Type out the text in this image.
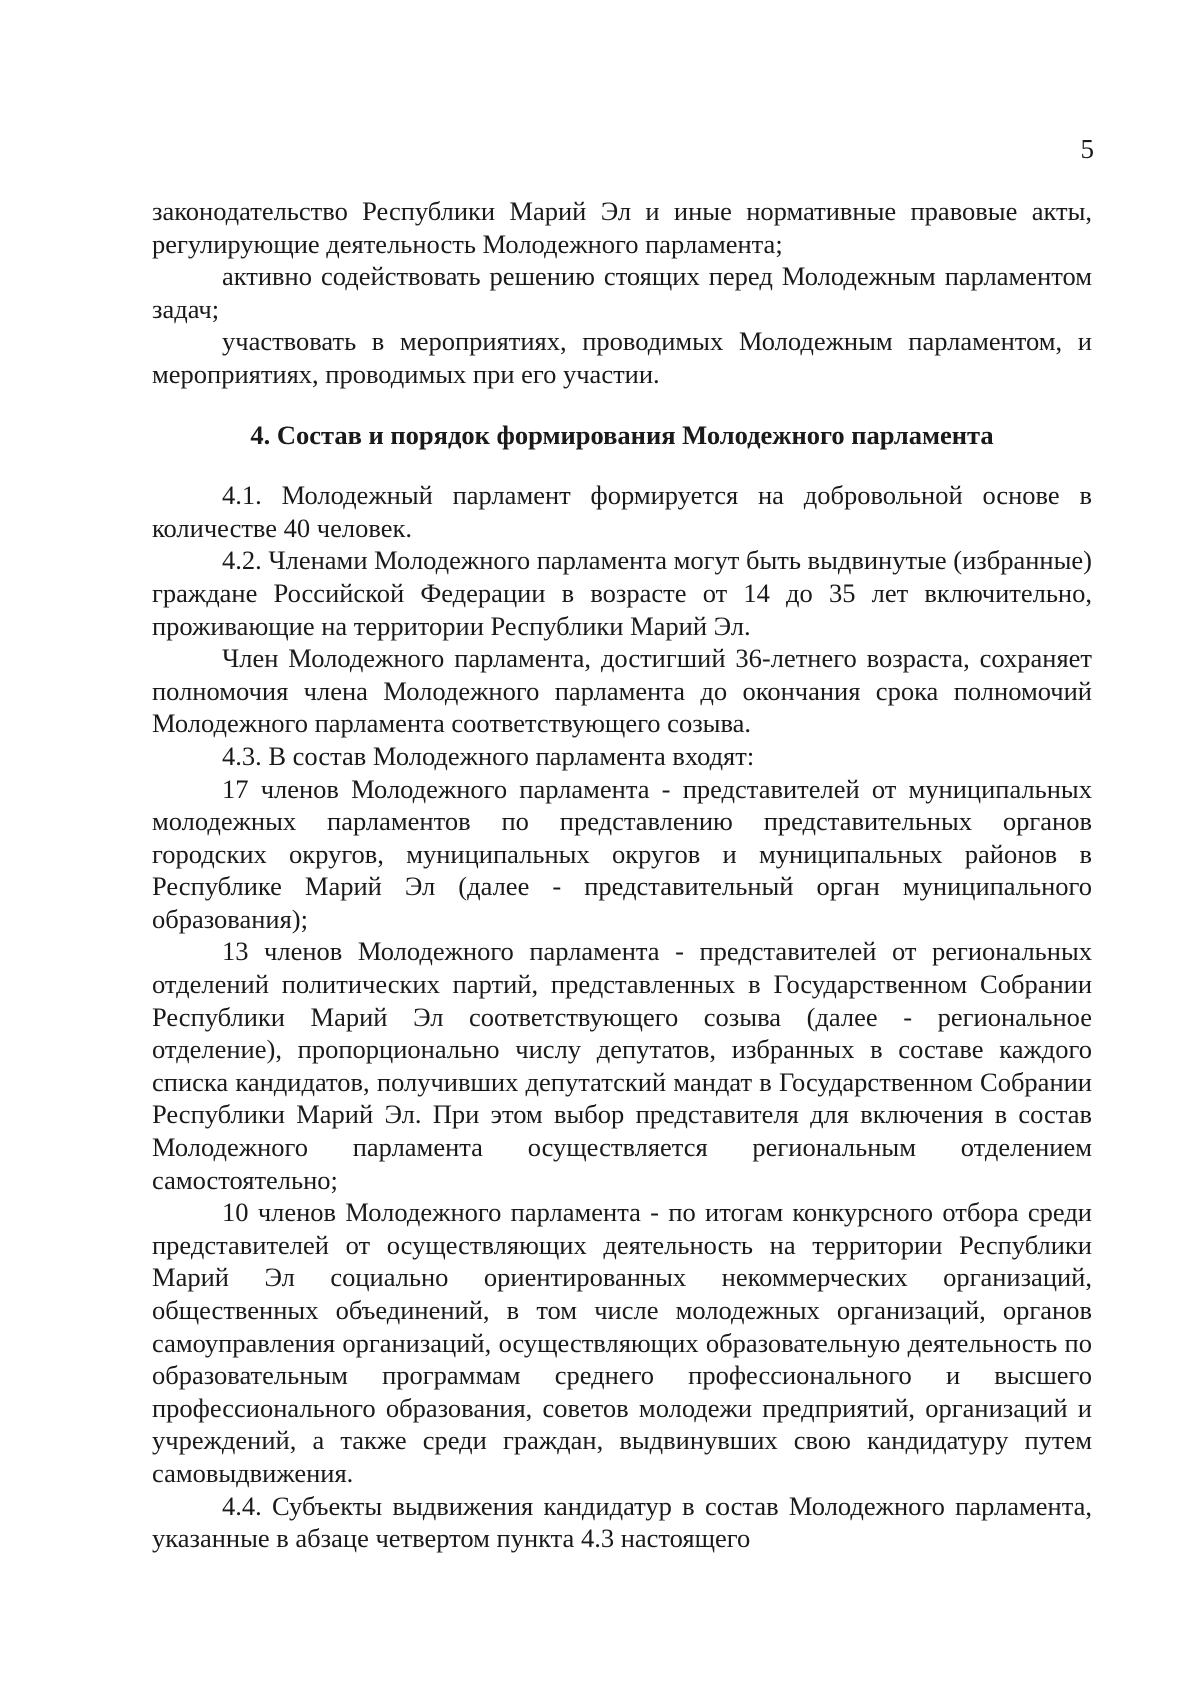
5

законодательство Республики Марий Эл и иные нормативные правовые акты, регулирующие деятельность Молодежного парламента;

активно содействовать решению стоящих перед Молодежным парламентом задач;

участвовать в мероприятиях, проводимых Молодежным парламентом, и мероприятиях, проводимых при его участии.

4. Состав и порядок формирования Молодежного парламента

4.1. Молодежный парламент формируется на добровольной основе в количестве 40 человек.

4.2. Членами Молодежного парламента могут быть выдвинутые (избранные) граждане Российской Федерации в возрасте от 14 до 35 лет включительно, проживающие на территории Республики Марий Эл.

Член Молодежного парламента, достигший 36-летнего возраста, сохраняет полномочия члена Молодежного парламента до окончания срока полномочий Молодежного парламента соответствующего созыва.

4.3. В состав Молодежного парламента входят:

17 членов Молодежного парламента - представителей от муниципальных молодежных парламентов по представлению представительных органов городских округов, муниципальных округов и муниципальных районов в Республике Марий Эл (далее - представительный орган муниципального образования);

13 членов Молодежного парламента - представителей от региональных отделений политических партий, представленных в Государственном Собрании Республики Марий Эл соответствующего созыва (далее - региональное отделение), пропорционально числу депутатов, избранных в составе каждого списка кандидатов, получивших депутатский мандат в Государственном Собрании Республики Марий Эл. При этом выбор представителя для включения в состав Молодежного парламента осуществляется региональным отделением самостоятельно;

10 членов Молодежного парламента - по итогам конкурсного отбора среди представителей от осуществляющих деятельность на территории Республики Марий Эл социально ориентированных некоммерческих организаций, общественных объединений, в том числе молодежных организаций, органов самоуправления организаций, осуществляющих образовательную деятельность по образовательным программам среднего профессионального и высшего профессионального образования, советов молодежи предприятий, организаций и учреждений, а также среди граждан, выдвинувших свою кандидатуру путем самовыдвижения.

4.4. Субъекты выдвижения кандидатур в состав Молодежного парламента, указанные в абзаце четвертом пункта 4.3 настоящего
